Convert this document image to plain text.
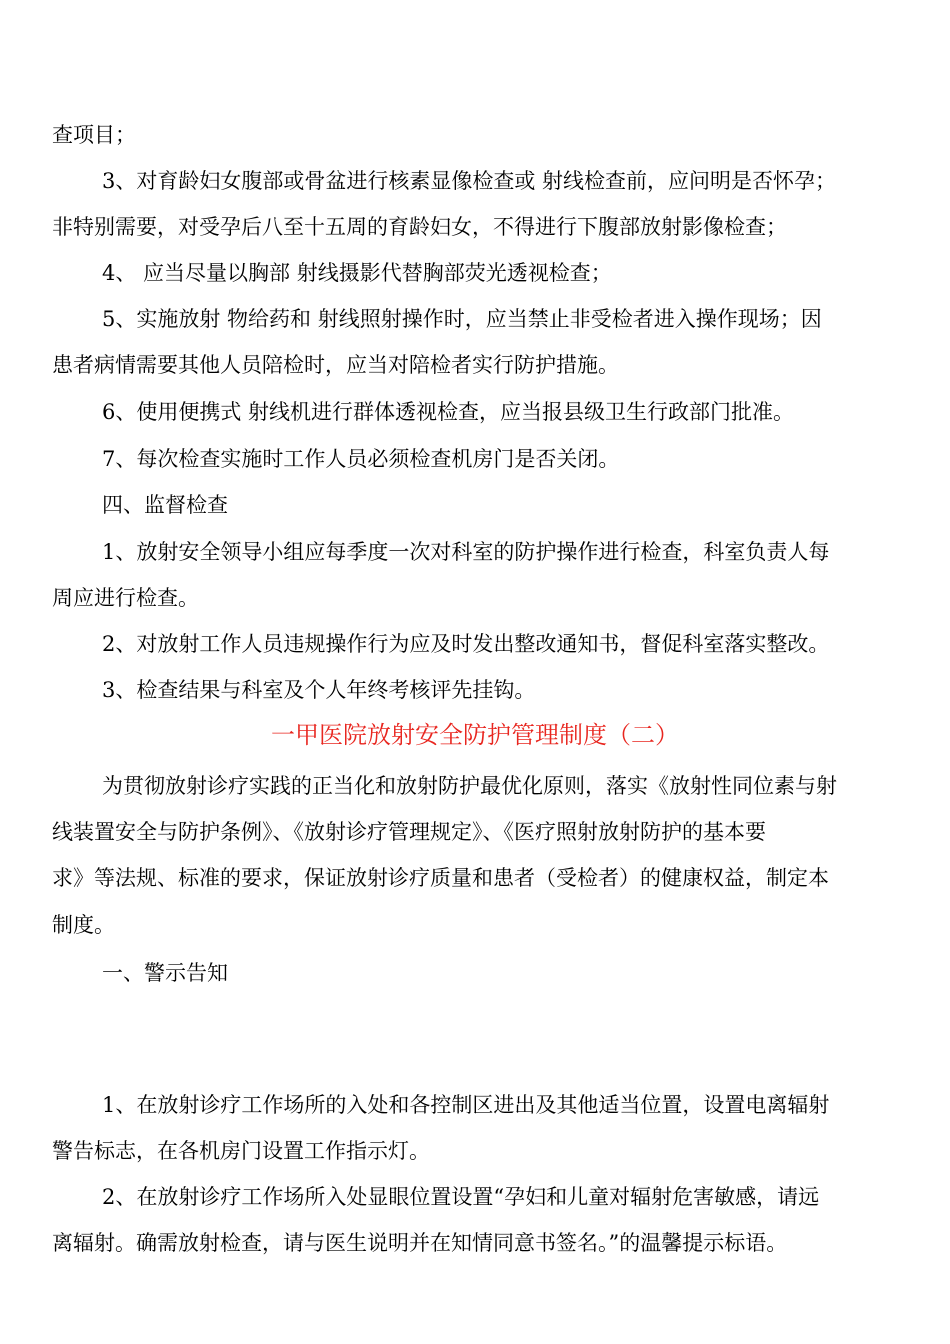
查项目；

3、对育龄妇女腹部或骨盆进行核素显像检查或 射线检查前，应问明是否怀孕；

非特别需要，对受孕后八至十五周的育龄妇女，不得进行下腹部放射影像检查；

4、 应当尽量以胸部 射线摄影代替胸部荧光透视检查；

5、实施放射 物给药和 射线照射操作时，应当禁止非受检者进入操作现场；因

患者病情需要其他人员陪检时，应当对陪检者实行防护措施。

6、使用便携式 射线机进行群体透视检查，应当报县级卫生行政部门批准。

7、每次检查实施时工作人员必须检查机房门是否关闭。

四、监督检查

1、放射安全领导小组应每季度一次对科室的防护操作进行检查，科室负责人每

周应进行检查。

2、对放射工作人员违规操作行为应及时发出整改通知书，督促科室落实整改。

3、检查结果与科室及个人年终考核评先挂钩。

一甲医院放射安全防护管理制度（二）

为贯彻放射诊疗实践的正当化和放射防护最优化原则，落实《放射性同位素与射

线装置安全与防护条例》、《放射诊疗管理规定》、《医疗照射放射防护的基本要

求》等法规、标准的要求，保证放射诊疗质量和患者（受检者）的健康权益，制定本

制度。

一、警示告知

1、在放射诊疗工作场所的入处和各控制区进出及其他适当位置，设置电离辐射

警告标志，在各机房门设置工作指示灯。

2、在放射诊疗工作场所入处显眼位置设置“孕妇和儿童对辐射危害敏感，请远

离辐射。确需放射检查，请与医生说明并在知情同意书签名。”的温馨提示标语。
